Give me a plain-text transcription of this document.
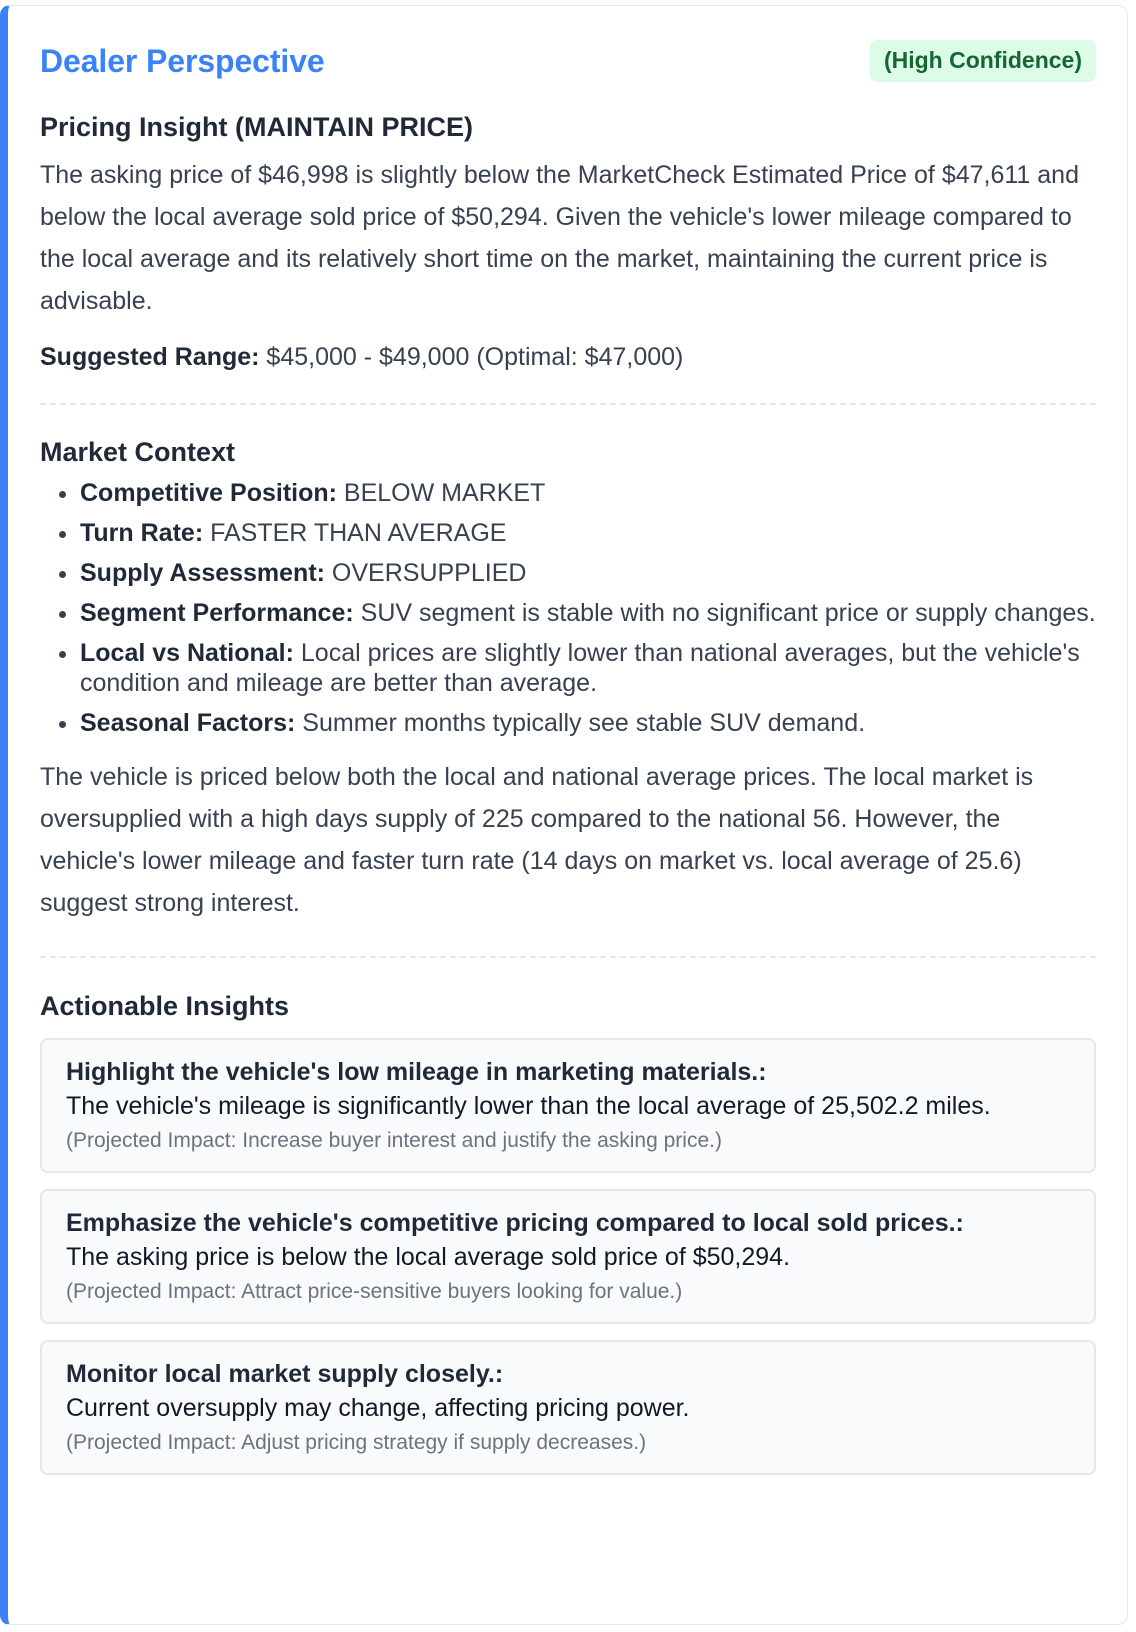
Dealer Perspective	(High Confidence)
Pricing Insight (MAINTAIN PRICE)

The asking price of $46,998 is slightly below the MarketCheck Estimated Price of $47,611 and below the local average sold price of $50,294. Given the vehicle's lower mileage compared to the local average and its relatively short time on the market, maintaining the current price is advisable.

Suggested Range: $45,000 - $49,000 (Optimal: $47,000)
Market Context
• Competitive Position: BELOW MARKET
• Turn Rate: FASTER THAN AVERAGE
• Supply Assessment: OVERSUPPLIED
• Segment Performance: SUV segment is stable with no significant price or supply changes.
• Local vs National: Local prices are slightly lower than national averages, but the vehicle's condition and mileage are better than average.
• Seasonal Factors: Summer months typically see stable SUV demand.

The vehicle is priced below both the local and national average prices. The local market is oversupplied with a high days supply of 225 compared to the national 56. However, the vehicle's lower mileage and faster turn rate (14 days on market vs. local average of 25.6) suggest strong interest.

Actionable Insights
Highlight the vehicle's low mileage in marketing materials.:
The vehicle's mileage is significantly lower than the local average of 25,502.2 miles.
(Projected Impact: Increase buyer interest and justify the asking price.)
Emphasize the vehicle's competitive pricing compared to local sold prices.:
The asking price is below the local average sold price of $50,294.
(Projected Impact: Attract price-sensitive buyers looking for value.)
Monitor local market supply closely.:
Current oversupply may change, affecting pricing power.
(Projected Impact: Adjust pricing strategy if supply decreases.)
